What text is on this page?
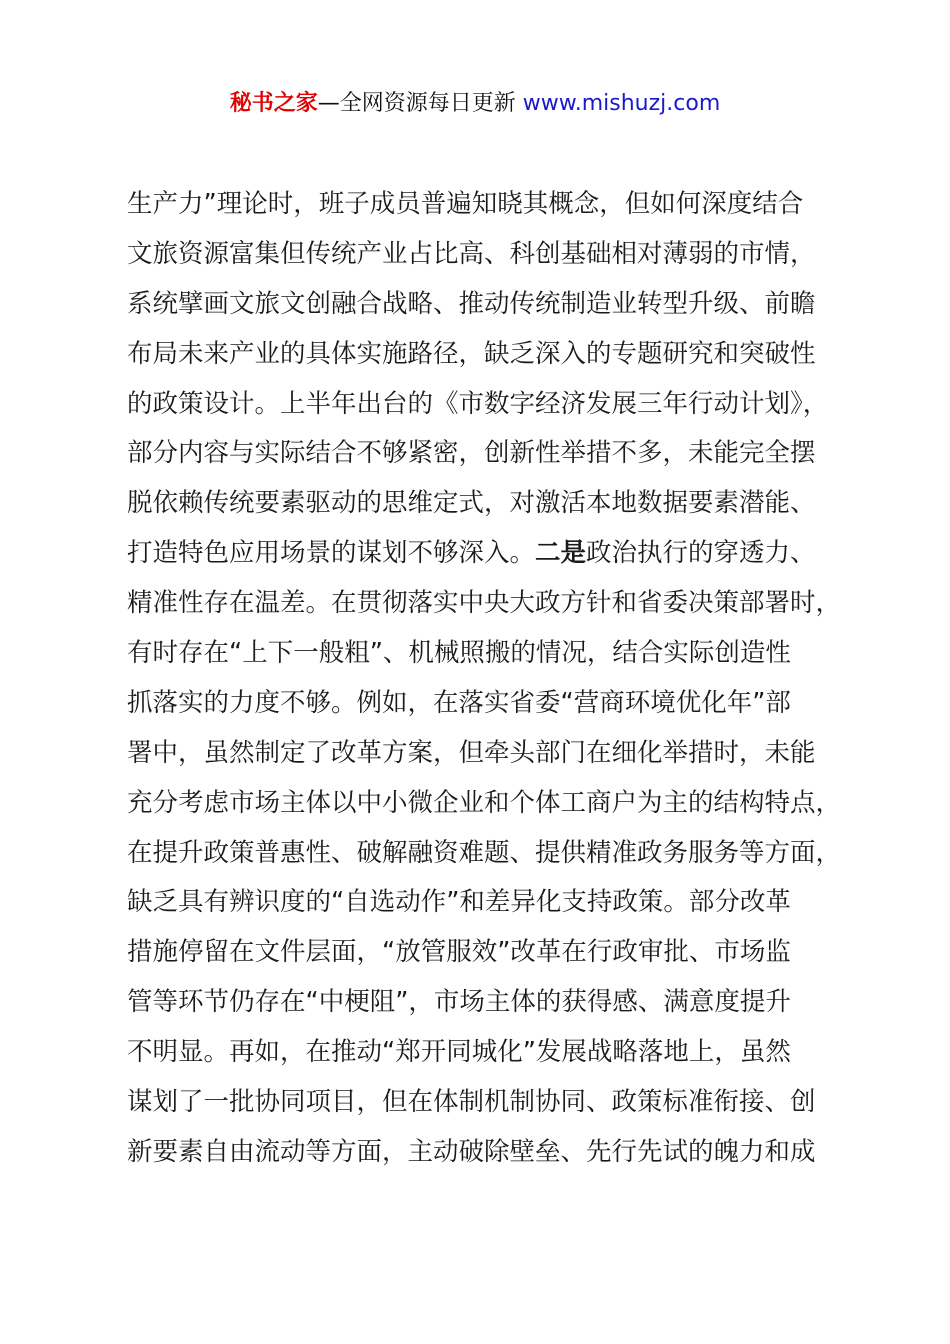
秘书之家—全网资源每日更新 www.mishuzj.com
生产力”理论时，班子成员普遍知晓其概念，但如何深度结合
文旅资源富集但传统产业占比高、科创基础相对薄弱的市情，
系统擘画文旅文创融合战略、推动传统制造业转型升级、前瞻
布局未来产业的具体实施路径，缺乏深入的专题研究和突破性
的政策设计。上半年出台的《市数字经济发展三年行动计划》，
部分内容与实际结合不够紧密，创新性举措不多，未能完全摆
脱依赖传统要素驱动的思维定式，对激活本地数据要素潜能、
打造特色应用场景的谋划不够深入。二是政治执行的穿透力、
精准性存在温差。在贯彻落实中央大政方针和省委决策部署时，
有时存在“上下一般粗”、机械照搬的情况，结合实际创造性
抓落实的力度不够。例如，在落实省委“营商环境优化年”部
署中，虽然制定了改革方案，但牵头部门在细化举措时，未能
充分考虑市场主体以中小微企业和个体工商户为主的结构特点，
在提升政策普惠性、破解融资难题、提供精准政务服务等方面，
缺乏具有辨识度的“自选动作”和差异化支持政策。部分改革
措施停留在文件层面，“放管服效”改革在行政审批、市场监
管等环节仍存在“中梗阻”，市场主体的获得感、满意度提升
不明显。再如，在推动“郑开同城化”发展战略落地上，虽然
谋划了一批协同项目，但在体制机制协同、政策标准衔接、创
新要素自由流动等方面，主动破除壁垒、先行先试的魄力和成
